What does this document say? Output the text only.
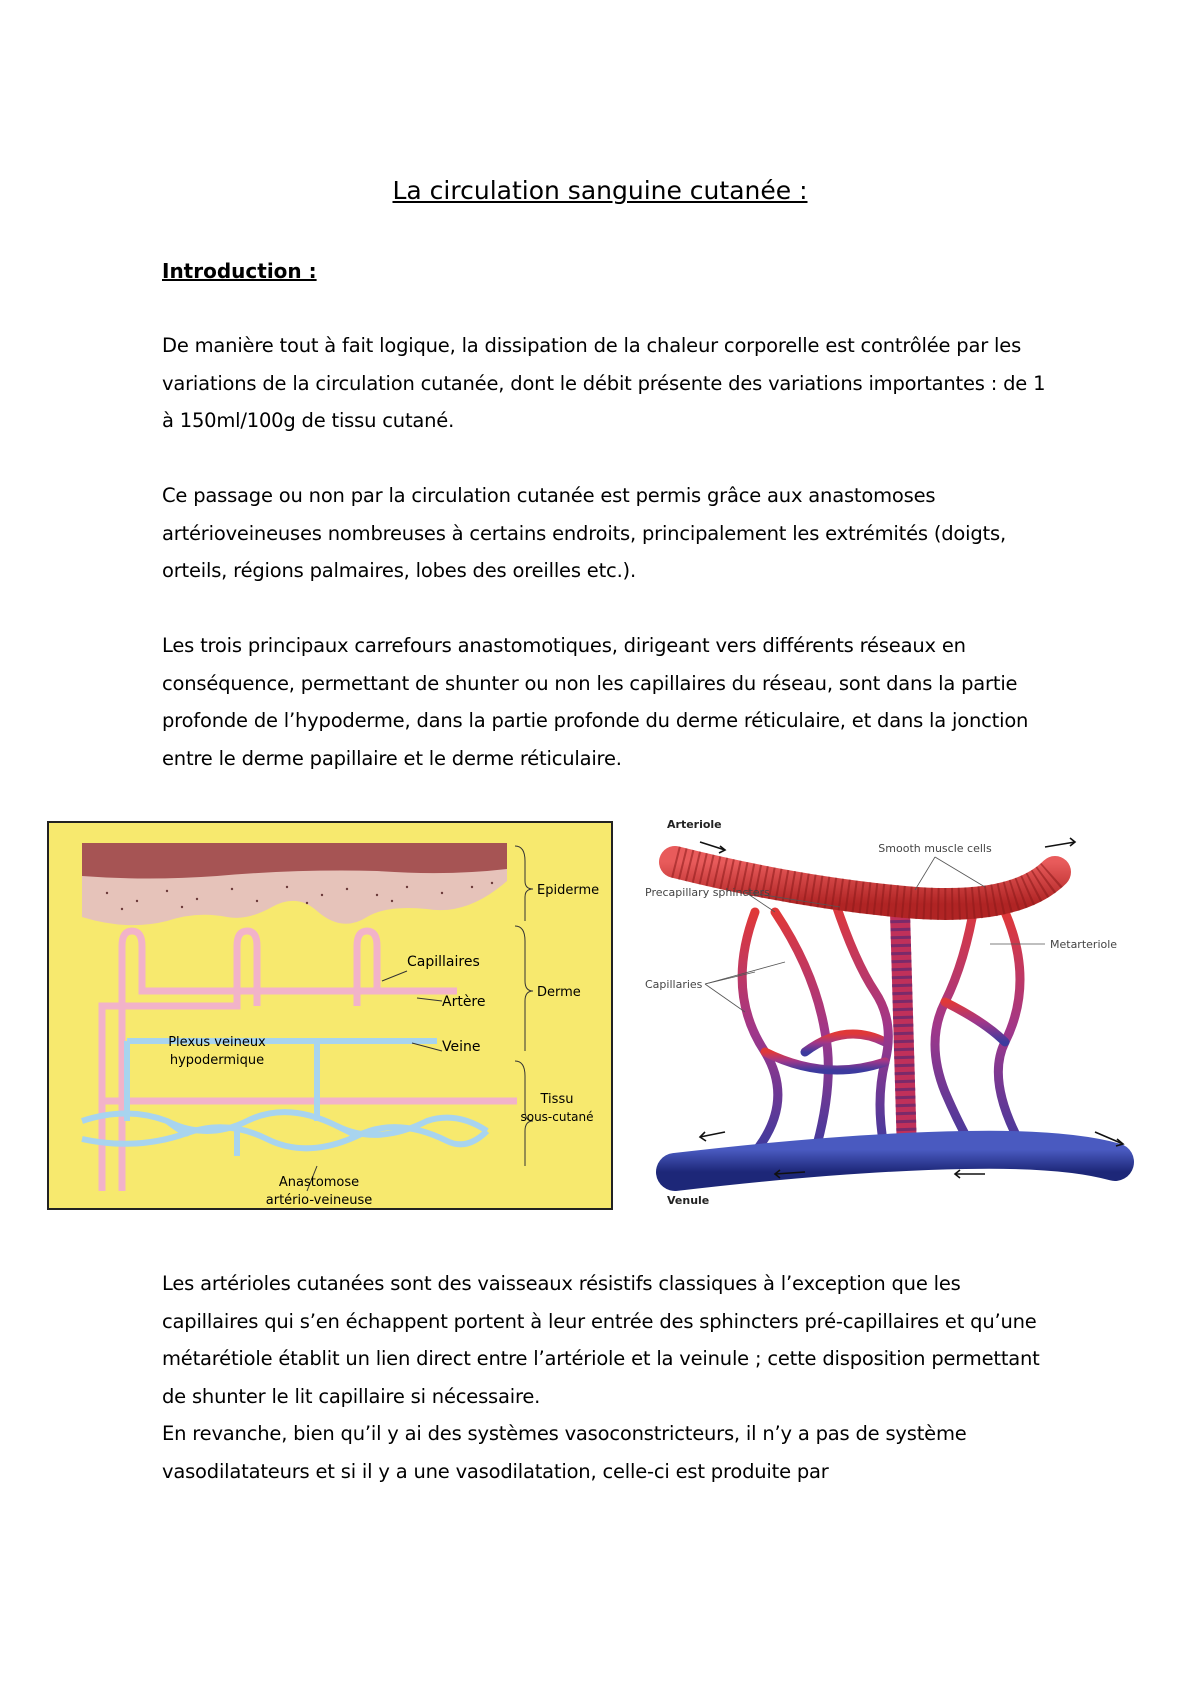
La circulation sanguine cutanée :
Introduction :

De manière tout à fait logique, la dissipation de la chaleur corporelle est contrôlée par les variations de la circulation cutanée, dont le débit présente des variations importantes : de 1 à 150ml/100g de tissu cutané.

Ce passage ou non par la circulation cutanée est permis grâce aux anastomoses artérioveineuses nombreuses à certains endroits, principalement les extrémités (doigts, orteils, régions palmaires, lobes des oreilles etc.).

Les trois principaux carrefours anastomotiques, dirigeant vers différents réseaux en conséquence, permettant de shunter ou non les capillaires du réseau, sont dans la partie profonde de l’hypoderme, dans la partie profonde du derme réticulaire, et dans la jonction entre le derme papillaire et le derme réticulaire.

Epiderme
Derme
Tissu
sous-cutané
Capillaires
Artère
Veine
Plexus veineux
hypodermique
Anastomose
artério-veineuse
Arteriole
Smooth muscle cells
Precapillary sphincters
Metarteriole
Capillaries
Venule

Les artérioles cutanées sont des vaisseaux résistifs classiques à l’exception que les capillaires qui s’en échappent portent à leur entrée des sphincters pré-capillaires et qu’une métarétiole établit un lien direct entre l’artériole et la veinule ; cette disposition permettant de shunter le lit capillaire si nécessaire.

En revanche, bien qu’il y ai des systèmes vasoconstricteurs, il n’y a pas de système vasodilatateurs et si il y a une vasodilatation, celle-ci est produite par
